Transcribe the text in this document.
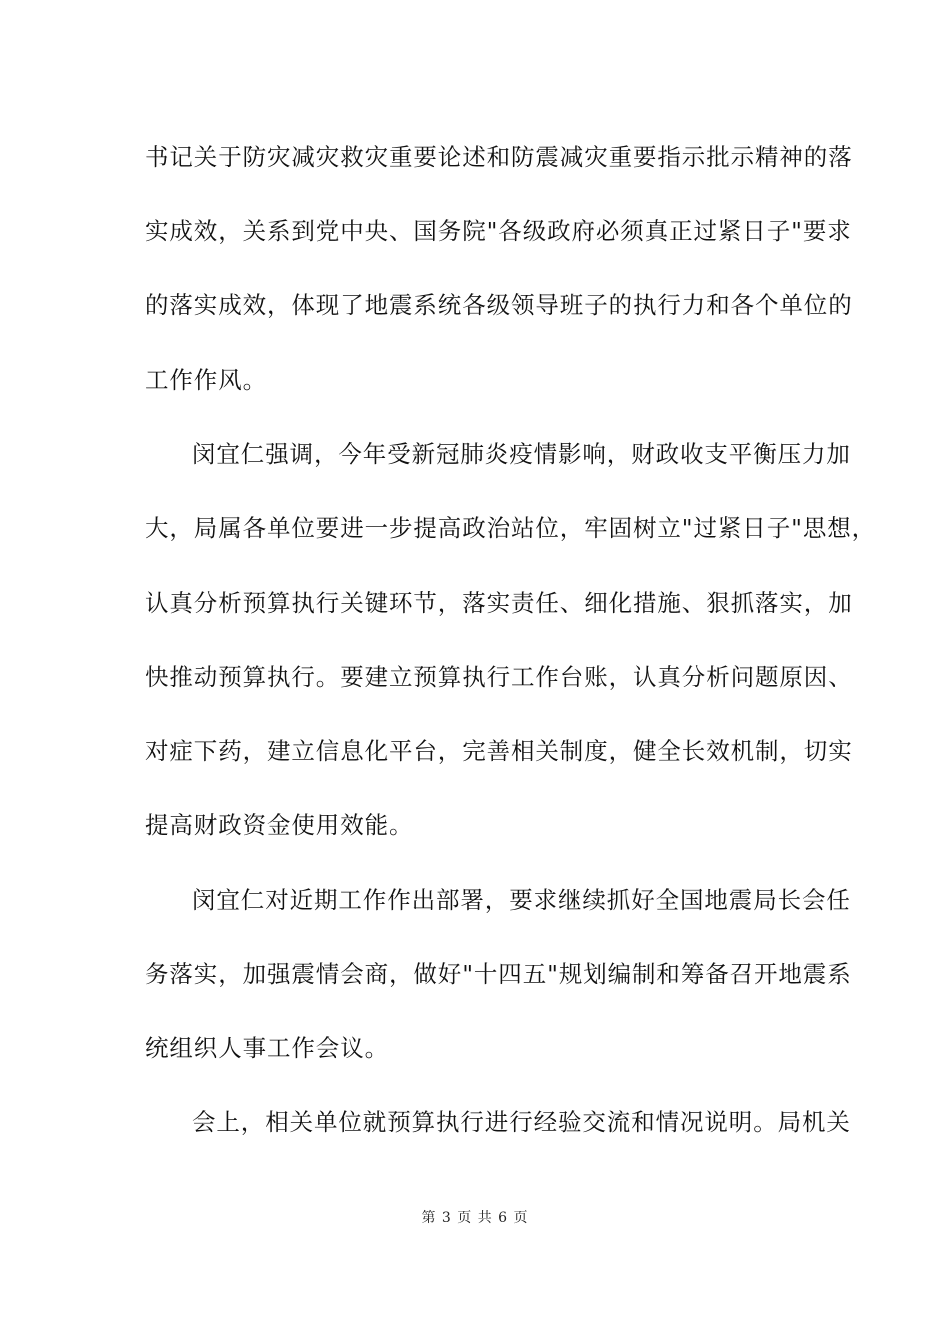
书记关于防灾减灾救灾重要论述和防震减灾重要指示批示精神的落
实成效，关系到党中央、国务院"各级政府必须真正过紧日子"要求
的落实成效，体现了地震系统各级领导班子的执行力和各个单位的
工作作风。
闵宜仁强调，今年受新冠肺炎疫情影响，财政收支平衡压力加
大，局属各单位要进一步提高政治站位，牢固树立"过紧日子"思想，
认真分析预算执行关键环节，落实责任、细化措施、狠抓落实，加
快推动预算执行。要建立预算执行工作台账，认真分析问题原因、
对症下药，建立信息化平台，完善相关制度，健全长效机制，切实
提高财政资金使用效能。
闵宜仁对近期工作作出部署，要求继续抓好全国地震局长会任
务落实，加强震情会商，做好"十四五"规划编制和筹备召开地震系
统组织人事工作会议。
会上，相关单位就预算执行进行经验交流和情况说明。局机关
第 3 页 共 6 页
